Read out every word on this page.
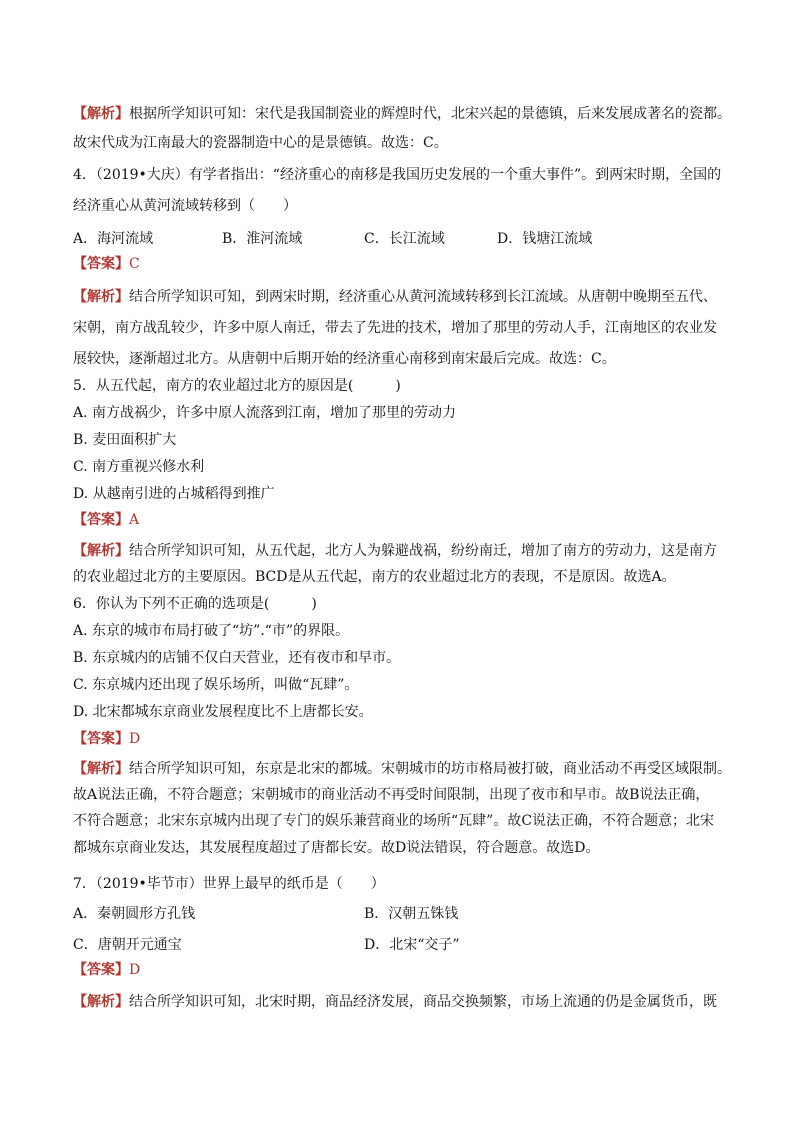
【解析】根据所学知识可知：宋代是我国制瓷业的辉煌时代，北宋兴起的景德镇，后来发展成著名的瓷都。
故宋代成为江南最大的瓷器制造中心的是景德镇。故选：C。
4．（2019•大庆）有学者指出：“经济重心的南移是我国历史发展的一个重大事件”。到两宋时期，全国的
经济重心从黄河流域转移到（　　）
A．海河流域	B．淮河流域	C．长江流域	D．钱塘江流域
【答案】C
【解析】结合所学知识可知，到两宋时期，经济重心从黄河流域转移到长江流域。从唐朝中晚期至五代、
宋朝，南方战乱较少，许多中原人南迁，带去了先进的技术，增加了那里的劳动人手，江南地区的农业发
展较快，逐渐超过北方。从唐朝中后期开始的经济重心南移到南宋最后完成。故选：C。
5．从五代起，南方的农业超过北方的原因是(　　　)
A. 南方战祸少，许多中原人流落到江南，增加了那里的劳动力
B. 麦田面积扩大
C. 南方重视兴修水利
D. 从越南引进的占城稻得到推广
【答案】A
【解析】结合所学知识可知，从五代起，北方人为躲避战祸，纷纷南迁，增加了南方的劳动力，这是南方
的农业超过北方的主要原因。BCD是从五代起，南方的农业超过北方的表现，不是原因。故选A。
6．你认为下列不正确的选项是(　　　)
A. 东京的城市布局打破了“坊”.“市”的界限。
B. 东京城内的店铺不仅白天营业，还有夜市和早市。
C. 东京城内还出现了娱乐场所，叫做“瓦肆”。
D. 北宋都城东京商业发展程度比不上唐都长安。
【答案】D
【解析】结合所学知识可知，东京是北宋的都城。宋朝城市的坊市格局被打破，商业活动不再受区域限制。
故A说法正确，不符合题意；宋朝城市的商业活动不再受时间限制，出现了夜市和早市。故B说法正确，
不符合题意；北宋东京城内出现了专门的娱乐兼营商业的场所“瓦肆”。故C说法正确，不符合题意；北宋
都城东京商业发达，其发展程度超过了唐都长安。故D说法错误，符合题意。故选D。
7．（2019•毕节市）世界上最早的纸币是（　　）
A．秦朝圆形方孔钱	B．汉朝五铢钱
C．唐朝开元通宝	D．北宋“交子”
【答案】D
【解析】结合所学知识可知，北宋时期，商品经济发展，商品交换频繁，市场上流通的仍是金属货币，既
